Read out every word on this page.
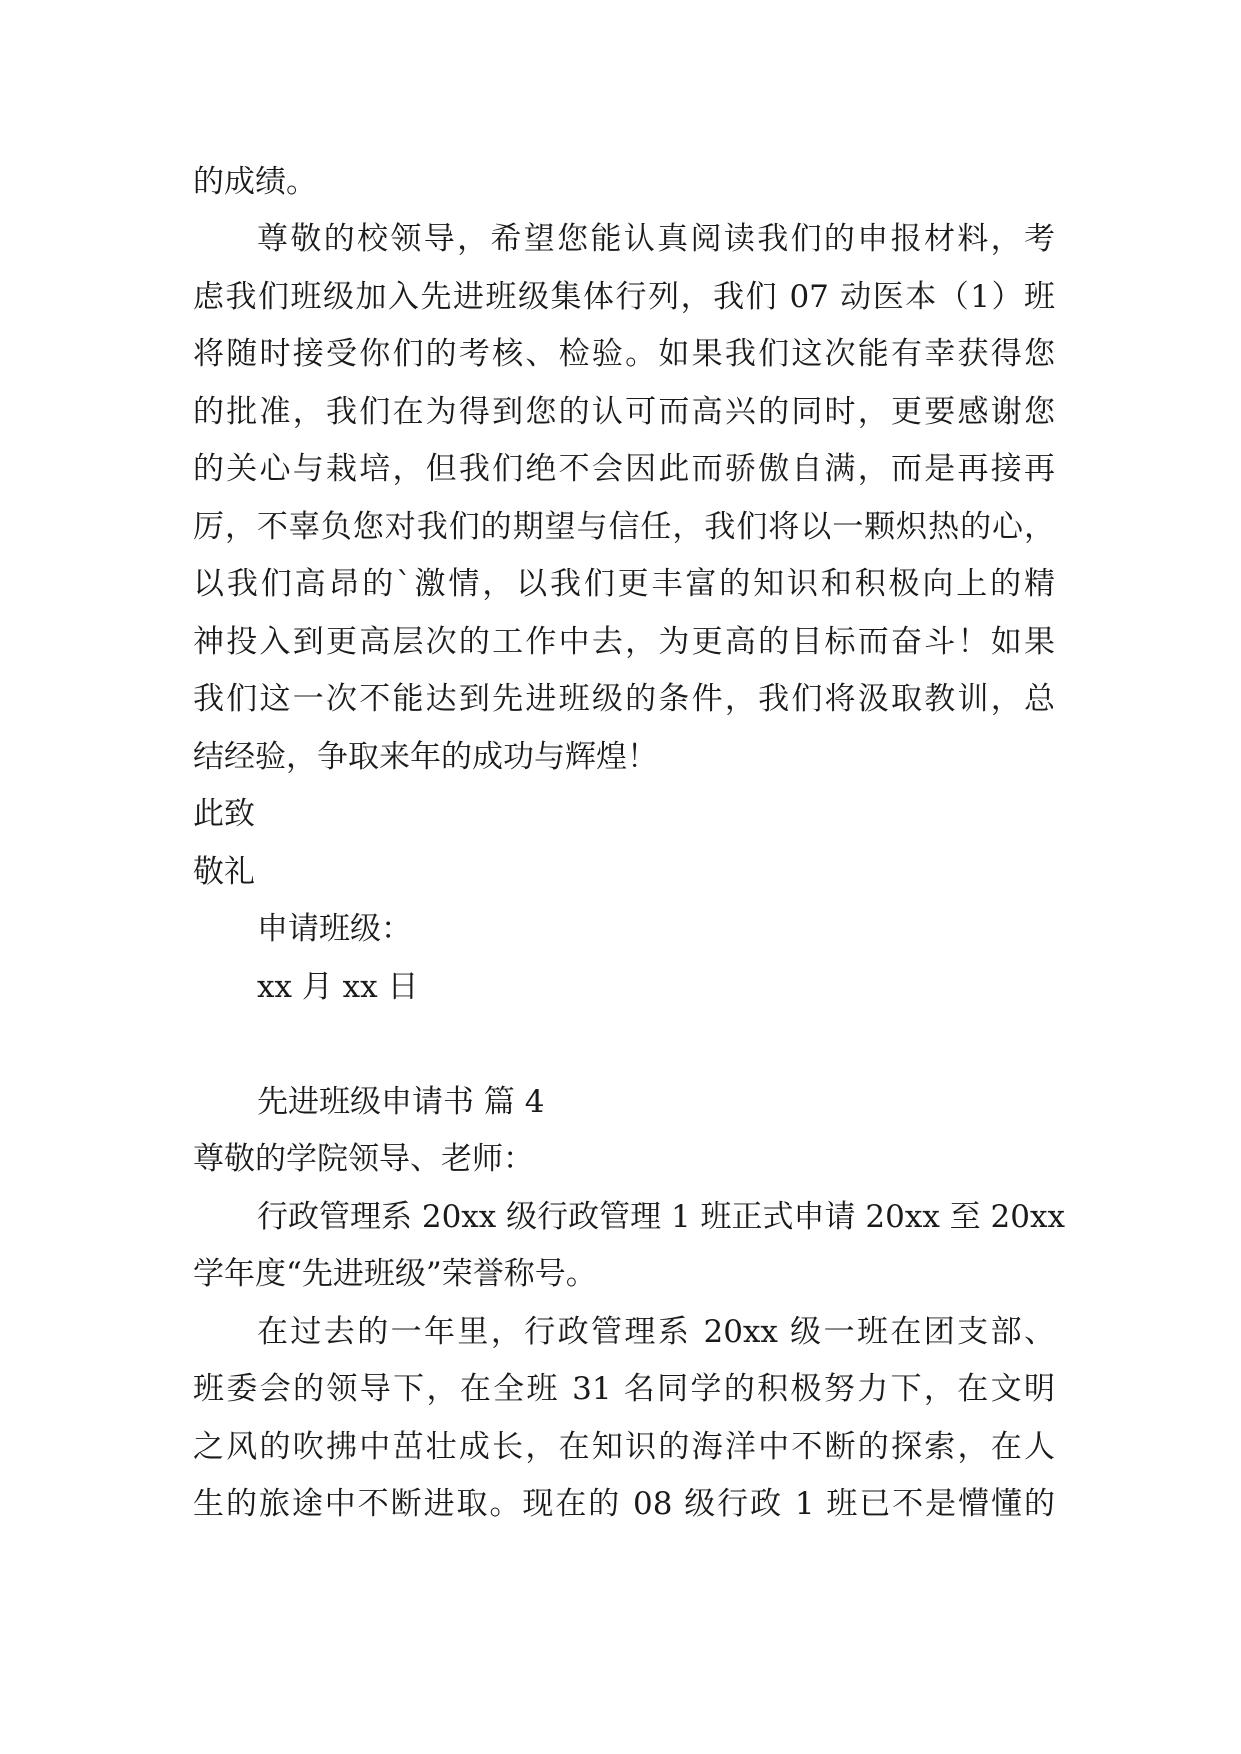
的成绩。
尊敬的校领导，希望您能认真阅读我们的申报材料，考
虑我们班级加入先进班级集体行列，我们 07 动医本（1）班
将随时接受你们的考核、检验。如果我们这次能有幸获得您
的批准，我们在为得到您的认可而高兴的同时，更要感谢您
的关心与栽培，但我们绝不会因此而骄傲自满，而是再接再
厉，不辜负您对我们的期望与信任，我们将以一颗炽热的心，
以我们高昂的`激情，以我们更丰富的知识和积极向上的精
神投入到更高层次的工作中去，为更高的目标而奋斗！如果
我们这一次不能达到先进班级的条件，我们将汲取教训，总
结经验，争取来年的成功与辉煌！
此致
敬礼
申请班级：
xx 月 xx 日
先进班级申请书 篇 4
尊敬的学院领导、老师：
行政管理系 20xx 级行政管理 1 班正式申请 20xx 至 20xx
学年度“先进班级”荣誉称号。
在过去的一年里，行政管理系 20xx 级一班在团支部、
班委会的领导下，在全班 31 名同学的积极努力下，在文明
之风的吹拂中茁壮成长，在知识的海洋中不断的探索，在人
生的旅途中不断进取。现在的 08 级行政 1 班已不是懵懂的
